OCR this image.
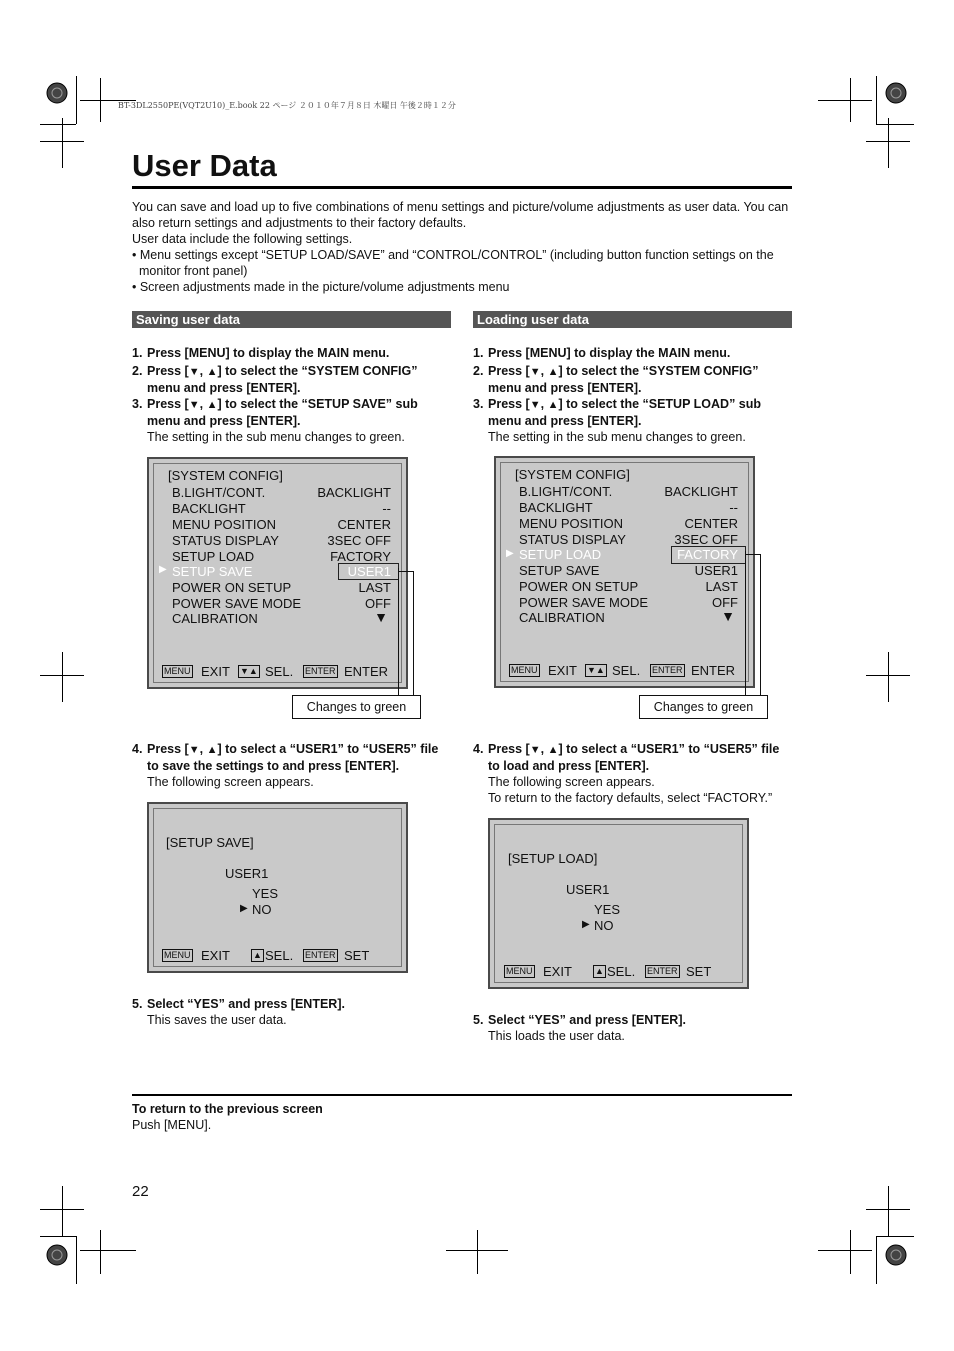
BT-3DL2550PE(VQT2U10)_E.book 22 ページ ２０１０年７月８日 木曜日 午後２時１２分
User Data

You can save and load up to five combinations of menu settings and picture/volume adjustments as user data. You can also return settings and adjustments to their factory defaults.

User data include the following settings.

• Menu settings except “SETUP LOAD/SAVE” and “CONTROL/CONTROL” (including button function settings on the monitor front panel)

• Screen adjustments made in the picture/volume adjustments menu

Saving user data
1. Press [MENU] to display the MAIN menu.
2. Press [▼, ▲] to select the “SYSTEM CONFIG” menu and press [ENTER].
3. Press [▼, ▲] to select the “SETUP SAVE” sub menu and press [ENTER].
The setting in the sub menu changes to green.
[SYSTEM CONFIG]
B.LIGHT/CONT.
BACKLIGHT
MENU POSITION
STATUS DISPLAY
SETUP LOAD
▶ SETUP SAVE
POWER ON SETUP
POWER SAVE MODE
CALIBRATION
BACKLIGHT
--
CENTER
3SEC OFF
FACTORY
USER1
LAST
OFF
▼
MENU EXIT ▼▲ SEL. ENTER ENTER
Changes to green
4. Press [▼, ▲] to select a “USER1” to “USER5” file to save the settings to and press [ENTER].
The following screen appears.
[SETUP SAVE]
USER1
YES
▶ NO
MENU EXIT	▲ SEL. ENTER SET
5. Select “YES” and press [ENTER].
This saves the user data.
Loading user data
1. Press [MENU] to display the MAIN menu.
2. Press [▼, ▲] to select the “SYSTEM CONFIG” menu and press [ENTER].
3. Press [▼, ▲] to select the “SETUP LOAD” sub menu and press [ENTER].
The setting in the sub menu changes to green.
[SYSTEM CONFIG]
B.LIGHT/CONT.
BACKLIGHT
MENU POSITION
STATUS DISPLAY
▶ SETUP LOAD
SETUP SAVE
POWER ON SETUP
POWER SAVE MODE
CALIBRATION
BACKLIGHT
--
CENTER
3SEC OFF
FACTORY
USER1
LAST
OFF
▼
MENU EXIT ▼▲ SEL. ENTER ENTER
Changes to green
4. Press [▼, ▲] to select a “USER1” to “USER5” file to load and press [ENTER].
The following screen appears.
To return to the factory defaults, select “FACTORY.”
[SETUP LOAD]
USER1
YES
▶ NO
MENU EXIT	▲ SEL. ENTER SET
5. Select “YES” and press [ENTER].
This loads the user data.
To return to the previous screen
Push [MENU].
22
